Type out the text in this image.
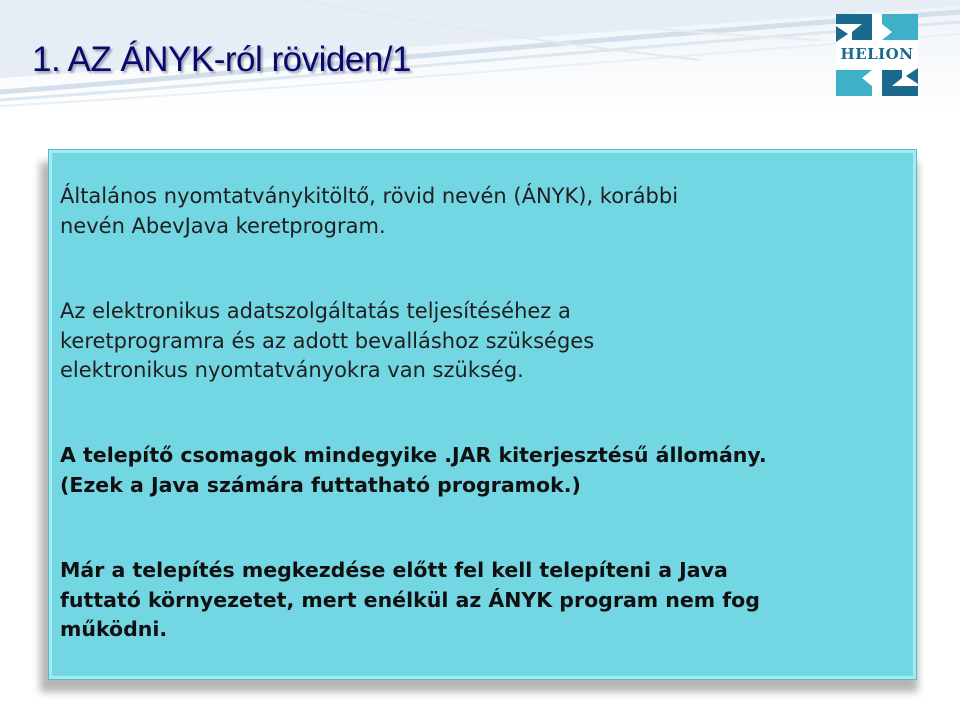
1. AZ ÁNYK-ról röviden/1	HELION

Általános nyomtatványkitöltő, rövid nevén (ÁNYK), korábbi
nevén AbevJava keretprogram.

Az elektronikus adatszolgáltatás teljesítéséhez a
keretprogramra és az adott bevalláshoz szükséges
elektronikus nyomtatványokra van szükség.

A telepítő csomagok mindegyike .JAR kiterjesztésű állomány.
(Ezek a Java számára futtatható programok.)

Már a telepítés megkezdése előtt fel kell telepíteni a Java
futtató környezetet, mert enélkül az ÁNYK program nem fog
működni.
